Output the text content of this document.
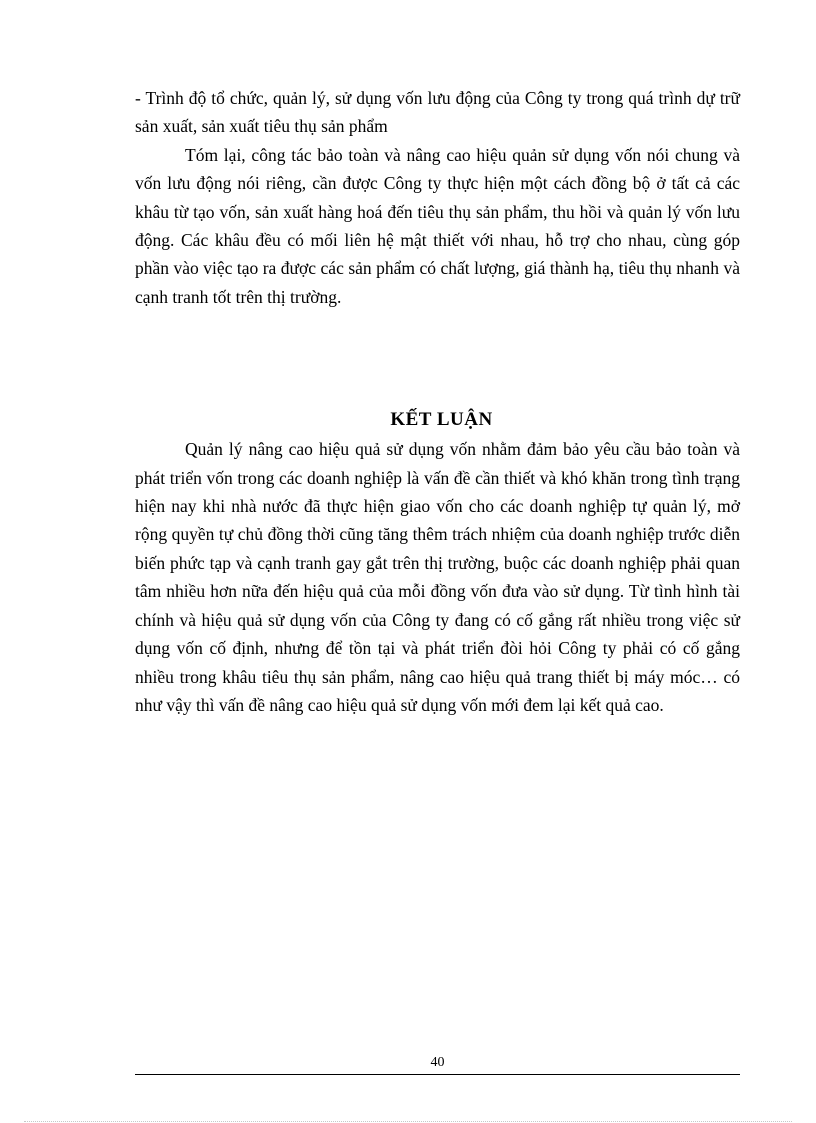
- Trình độ tổ chức, quản lý, sử dụng vốn lưu động của Công ty trong quá trình dự trữ sản xuất, sản xuất tiêu thụ sản phẩm

Tóm lại, công tác bảo toàn và nâng cao hiệu quản sử dụng vốn nói chung và vốn lưu động nói riêng, cần được Công ty thực hiện một cách đồng bộ ở tất cả các khâu từ tạo vốn, sản xuất hàng hoá đến tiêu thụ sản phẩm, thu hồi và quản lý vốn lưu động. Các khâu đều có mối liên hệ mật thiết với nhau, hỗ trợ cho nhau, cùng góp phần vào việc tạo ra được các sản phẩm có chất lượng, giá thành hạ, tiêu thụ nhanh và cạnh tranh tốt trên thị trường.

KẾT LUẬN

Quản lý nâng cao hiệu quả sử dụng vốn nhằm đảm bảo yêu cầu bảo toàn và phát triển vốn trong các doanh nghiệp là vấn đề cần thiết và khó khăn trong tình trạng hiện nay khi nhà nước đã thực hiện giao vốn cho các doanh nghiệp tự quản lý, mở rộng quyền tự chủ đồng thời cũng tăng thêm trách nhiệm của doanh nghiệp trước diễn biến phức tạp và cạnh tranh gay gắt trên thị trường, buộc các doanh nghiệp phải quan tâm nhiều hơn nữa đến hiệu quả của mỗi đồng vốn đưa vào sử dụng. Từ tình hình tài chính và hiệu quả sử dụng vốn của Công ty đang có cố gắng rất nhiều trong việc sử dụng vốn cố định, nhưng để tồn tại và phát triển đòi hỏi Công ty phải có cố gắng nhiều trong khâu tiêu thụ sản phẩm, nâng cao hiệu quả trang thiết bị máy móc… có như vậy thì vấn đề nâng cao hiệu quả sử dụng vốn mới đem lại kết quả cao.

40
